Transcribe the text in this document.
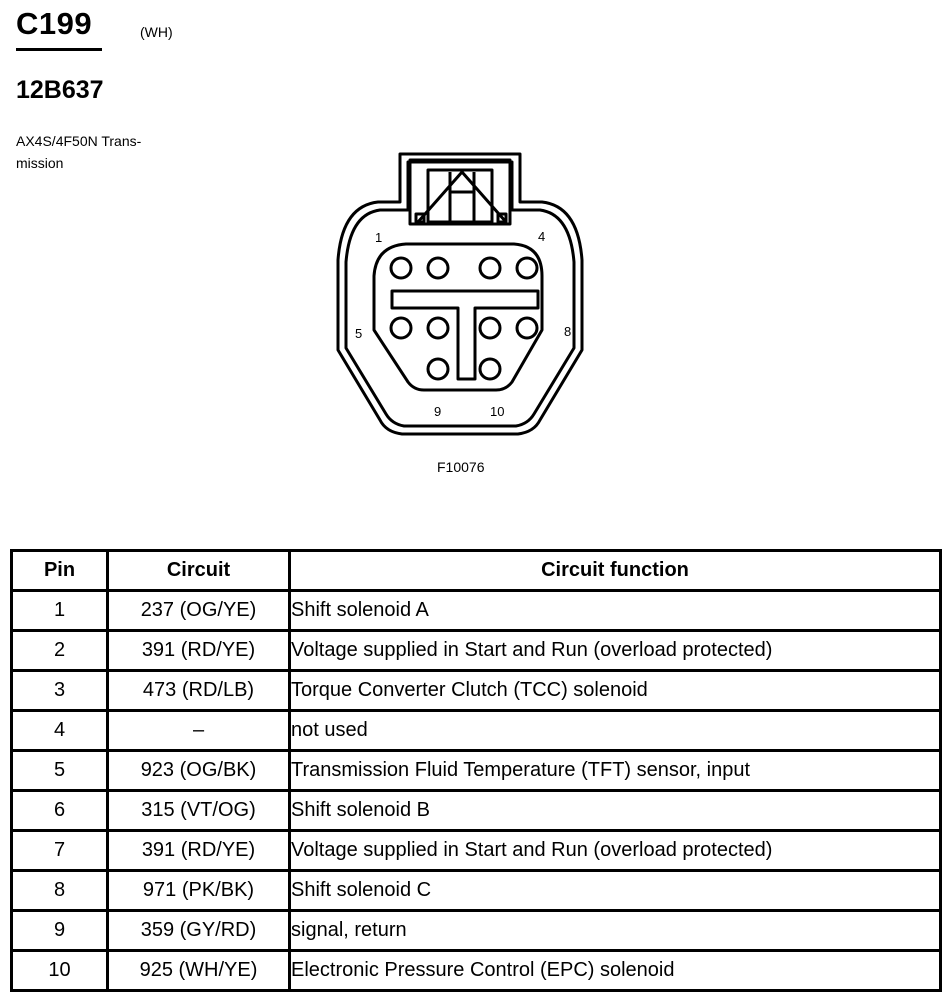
C199	(WH)
12B637
AX4S/4F50N Trans-
mission
1	4
5	8
9	10
F10076
Pin	Circuit	Circuit function
1	237 (OG/YE)	Shift solenoid A
2	391 (RD/YE)	Voltage supplied in Start and Run (overload protected)
3	473 (RD/LB)	Torque Converter Clutch (TCC) solenoid
4	–	not used
5	923 (OG/BK)	Transmission Fluid Temperature (TFT) sensor, input
6	315 (VT/OG)	Shift solenoid B
7	391 (RD/YE)	Voltage supplied in Start and Run (overload protected)
8	971 (PK/BK)	Shift solenoid C
9	359 (GY/RD)	signal, return
10	925 (WH/YE)	Electronic Pressure Control (EPC) solenoid
